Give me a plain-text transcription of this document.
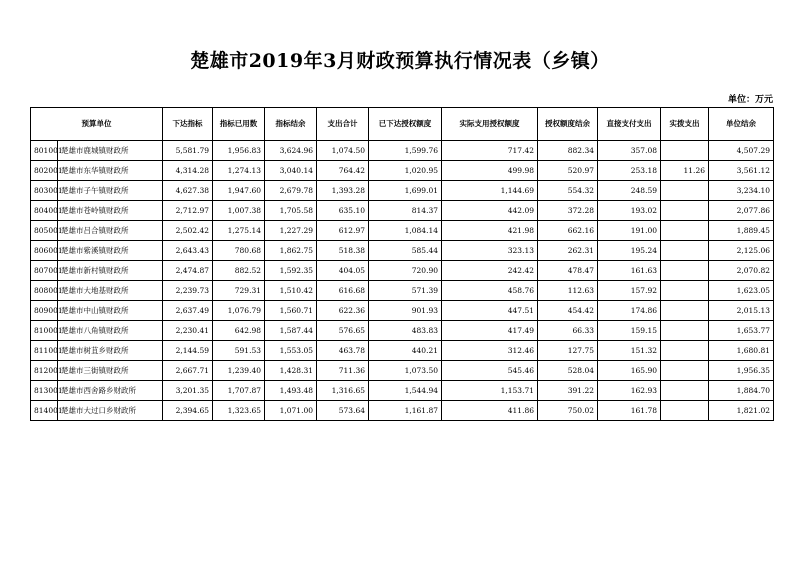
楚雄市2019年3月财政预算执行情况表（乡镇）
单位：万元
预算单位		下达指标	指标已用数	指标结余	支出合计	已下达授权额度	实际支用授权额度	授权额度结余	直接支付支出	实拨支出	单位结余
801001	楚雄市鹿城镇财政所	5,581.79	1,956.83	3,624.96	1,074.50	1,599.76	717.42	882.34	357.08		4,507.29
802001	楚雄市东华镇财政所	4,314.28	1,274.13	3,040.14	764.42	1,020.95	499.98	520.97	253.18	11.26	3,561.12
803001	楚雄市子午镇财政所	4,627.38	1,947.60	2,679.78	1,393.28	1,699.01	1,144.69	554.32	248.59		3,234.10
804001	楚雄市苍岭镇财政所	2,712.97	1,007.38	1,705.58	635.10	814.37	442.09	372.28	193.02		2,077.86
805001	楚雄市吕合镇财政所	2,502.42	1,275.14	1,227.29	612.97	1,084.14	421.98	662.16	191.00		1,889.45
806001	楚雄市紫溪镇财政所	2,643.43	780.68	1,862.75	518.38	585.44	323.13	262.31	195.24		2,125.06
807001	楚雄市新村镇财政所	2,474.87	882.52	1,592.35	404.05	720.90	242.42	478.47	161.63		2,070.82
808001	楚雄市大地基财政所	2,239.73	729.31	1,510.42	616.68	571.39	458.76	112.63	157.92		1,623.05
809001	楚雄市中山镇财政所	2,637.49	1,076.79	1,560.71	622.36	901.93	447.51	454.42	174.86		2,015.13
810001	楚雄市八角镇财政所	2,230.41	642.98	1,587.44	576.65	483.83	417.49	66.33	159.15		1,653.77
811001	楚雄市树苴乡财政所	2,144.59	591.53	1,553.05	463.78	440.21	312.46	127.75	151.32		1,680.81
812001	楚雄市三街镇财政所	2,667.71	1,239.40	1,428.31	711.36	1,073.50	545.46	528.04	165.90		1,956.35
813001	楚雄市西舍路乡财政所	3,201.35	1,707.87	1,493.48	1,316.65	1,544.94	1,153.71	391.22	162.93		1,884.70
814001	楚雄市大过口乡财政所	2,394.65	1,323.65	1,071.00	573.64	1,161.87	411.86	750.02	161.78		1,821.02
